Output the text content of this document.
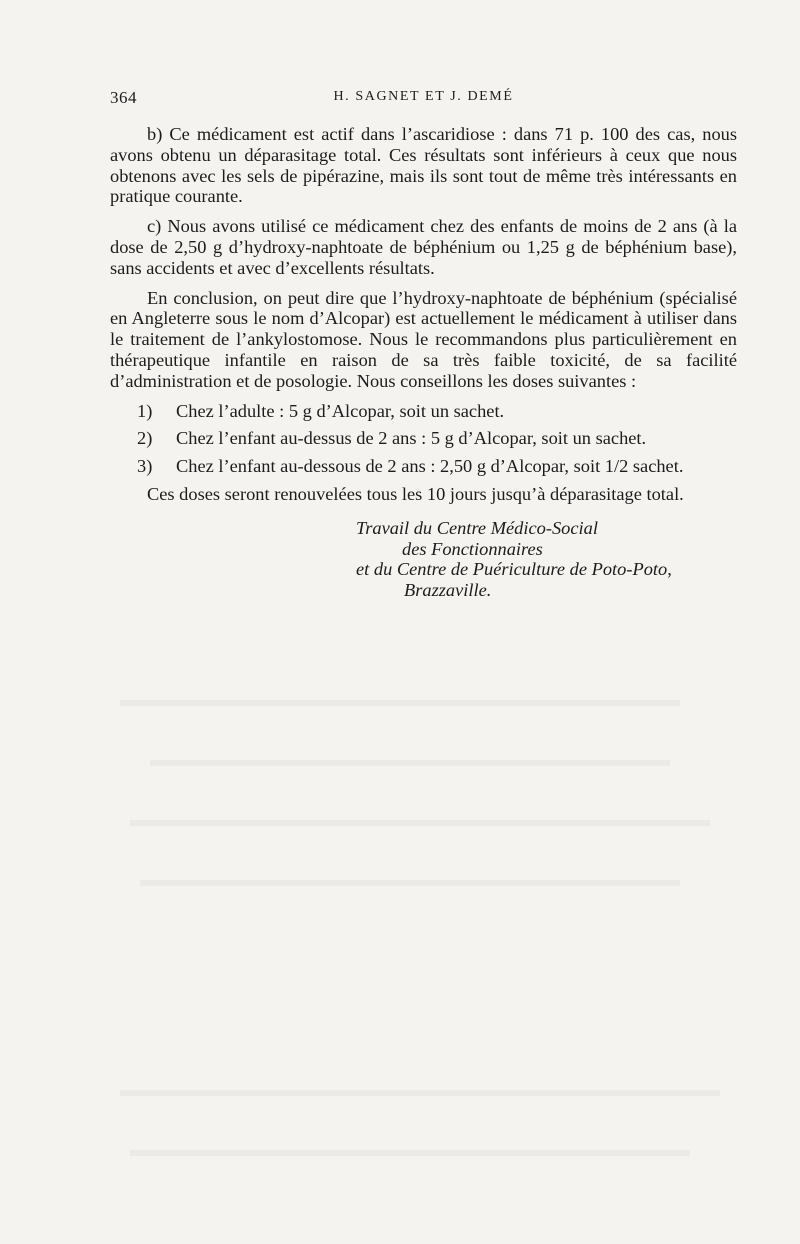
364	H. SAGNET ET J. DEMÉ

b) Ce médicament est actif dans l’ascaridiose : dans 71 p. 100 des cas, nous avons obtenu un déparasitage total. Ces résultats sont inférieurs à ceux que nous obtenons avec les sels de pipérazine, mais ils sont tout de même très intéressants en pratique courante.

c) Nous avons utilisé ce médicament chez des enfants de moins de 2 ans (à la dose de 2,50 g d’hydroxy-naphtoate de béphénium ou 1,25 g de béphénium base), sans accidents et avec d’excellents résultats.

En conclusion, on peut dire que l’hydroxy-naphtoate de béphénium (spécialisé en Angleterre sous le nom d’Alcopar) est actuellement le médicament à utiliser dans le traitement de l’ankylostomose. Nous le recommandons plus particulièrement en thérapeutique infantile en raison de sa très faible toxicité, de sa facilité d’administration et de posologie. Nous conseillons les doses suivantes :

1) Chez l’adulte : 5 g d’Alcopar, soit un sachet.

2) Chez l’enfant au-dessus de 2 ans : 5 g d’Alcopar, soit un sachet.

3) Chez l’enfant au-dessous de 2 ans : 2,50 g d’Alcopar, soit 1/2 sachet.

Ces doses seront renouvelées tous les 10 jours jusqu’à déparasitage total.

Travail du Centre Médico-Social
des Fonctionnaires
et du Centre de Puériculture de Poto-Poto,
Brazzaville.
